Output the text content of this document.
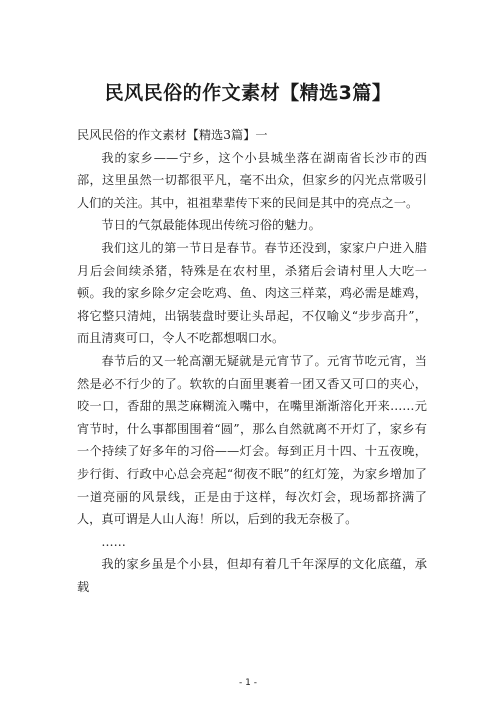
民风民俗的作文素材【精选3篇】

民风民俗的作文素材【精选3篇】一

我的家乡——宁乡，这个小县城坐落在湖南省长沙市的西部，这里虽然一切都很平凡，毫不出众，但家乡的闪光点常吸引人们的关注。其中，祖祖辈辈传下来的民间是其中的亮点之一。

节日的气氛最能体现出传统习俗的魅力。

我们这儿的第一节日是春节。春节还没到，家家户户进入腊月后会间续杀猪，特殊是在农村里，杀猪后会请村里人大吃一顿。我的家乡除夕定会吃鸡、鱼、肉这三样菜，鸡必需是雄鸡，将它整只清炖，出锅装盘时要让头昂起，不仅喻义“步步高升”，而且清爽可口，令人不吃都想咽口水。

春节后的又一轮高潮无疑就是元宵节了。元宵节吃元宵，当然是必不行少的了。软软的白面里裹着一团又香又可口的夹心，咬一口，香甜的黑芝麻糊流入嘴中，在嘴里渐渐溶化开来……元宵节时，什么事都围围着“圆”，那么自然就离不开灯了，家乡有一个持续了好多年的习俗——灯会。每到正月十四、十五夜晚，步行街、行政中心总会亮起“彻夜不眠”的红灯笼，为家乡增加了一道亮丽的风景线，正是由于这样，每次灯会，现场都挤满了人，真可谓是人山人海！所以，后到的我无奈极了。

……

我的家乡虽是个小县，但却有着几千年深厚的文化底蕴，承载

- 1 -
